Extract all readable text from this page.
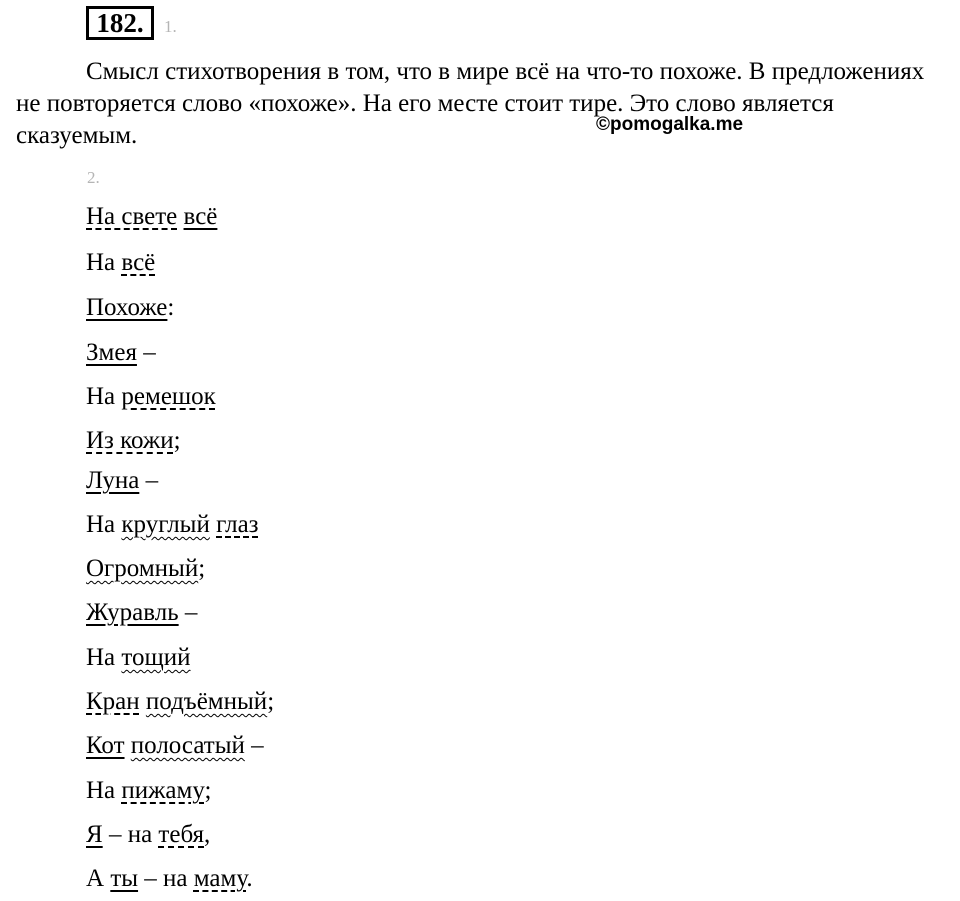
182.	1.

Смысл стихотворения в том, что в мире всё на что-то похоже. В предложениях не повторяется слово «похоже». На его месте стоит тире. Это слово является сказуемым.	©pomogalka.me
2.
На свете всё
На всё
Похоже:
Змея –
На ремешок
Из кожи;
Луна –
На круглый глаз
Огромный;
Журавль –
На тощий
Кран подъёмный;
Кот полосатый –
На пижаму;
Я – на тебя,
А ты – на маму.
